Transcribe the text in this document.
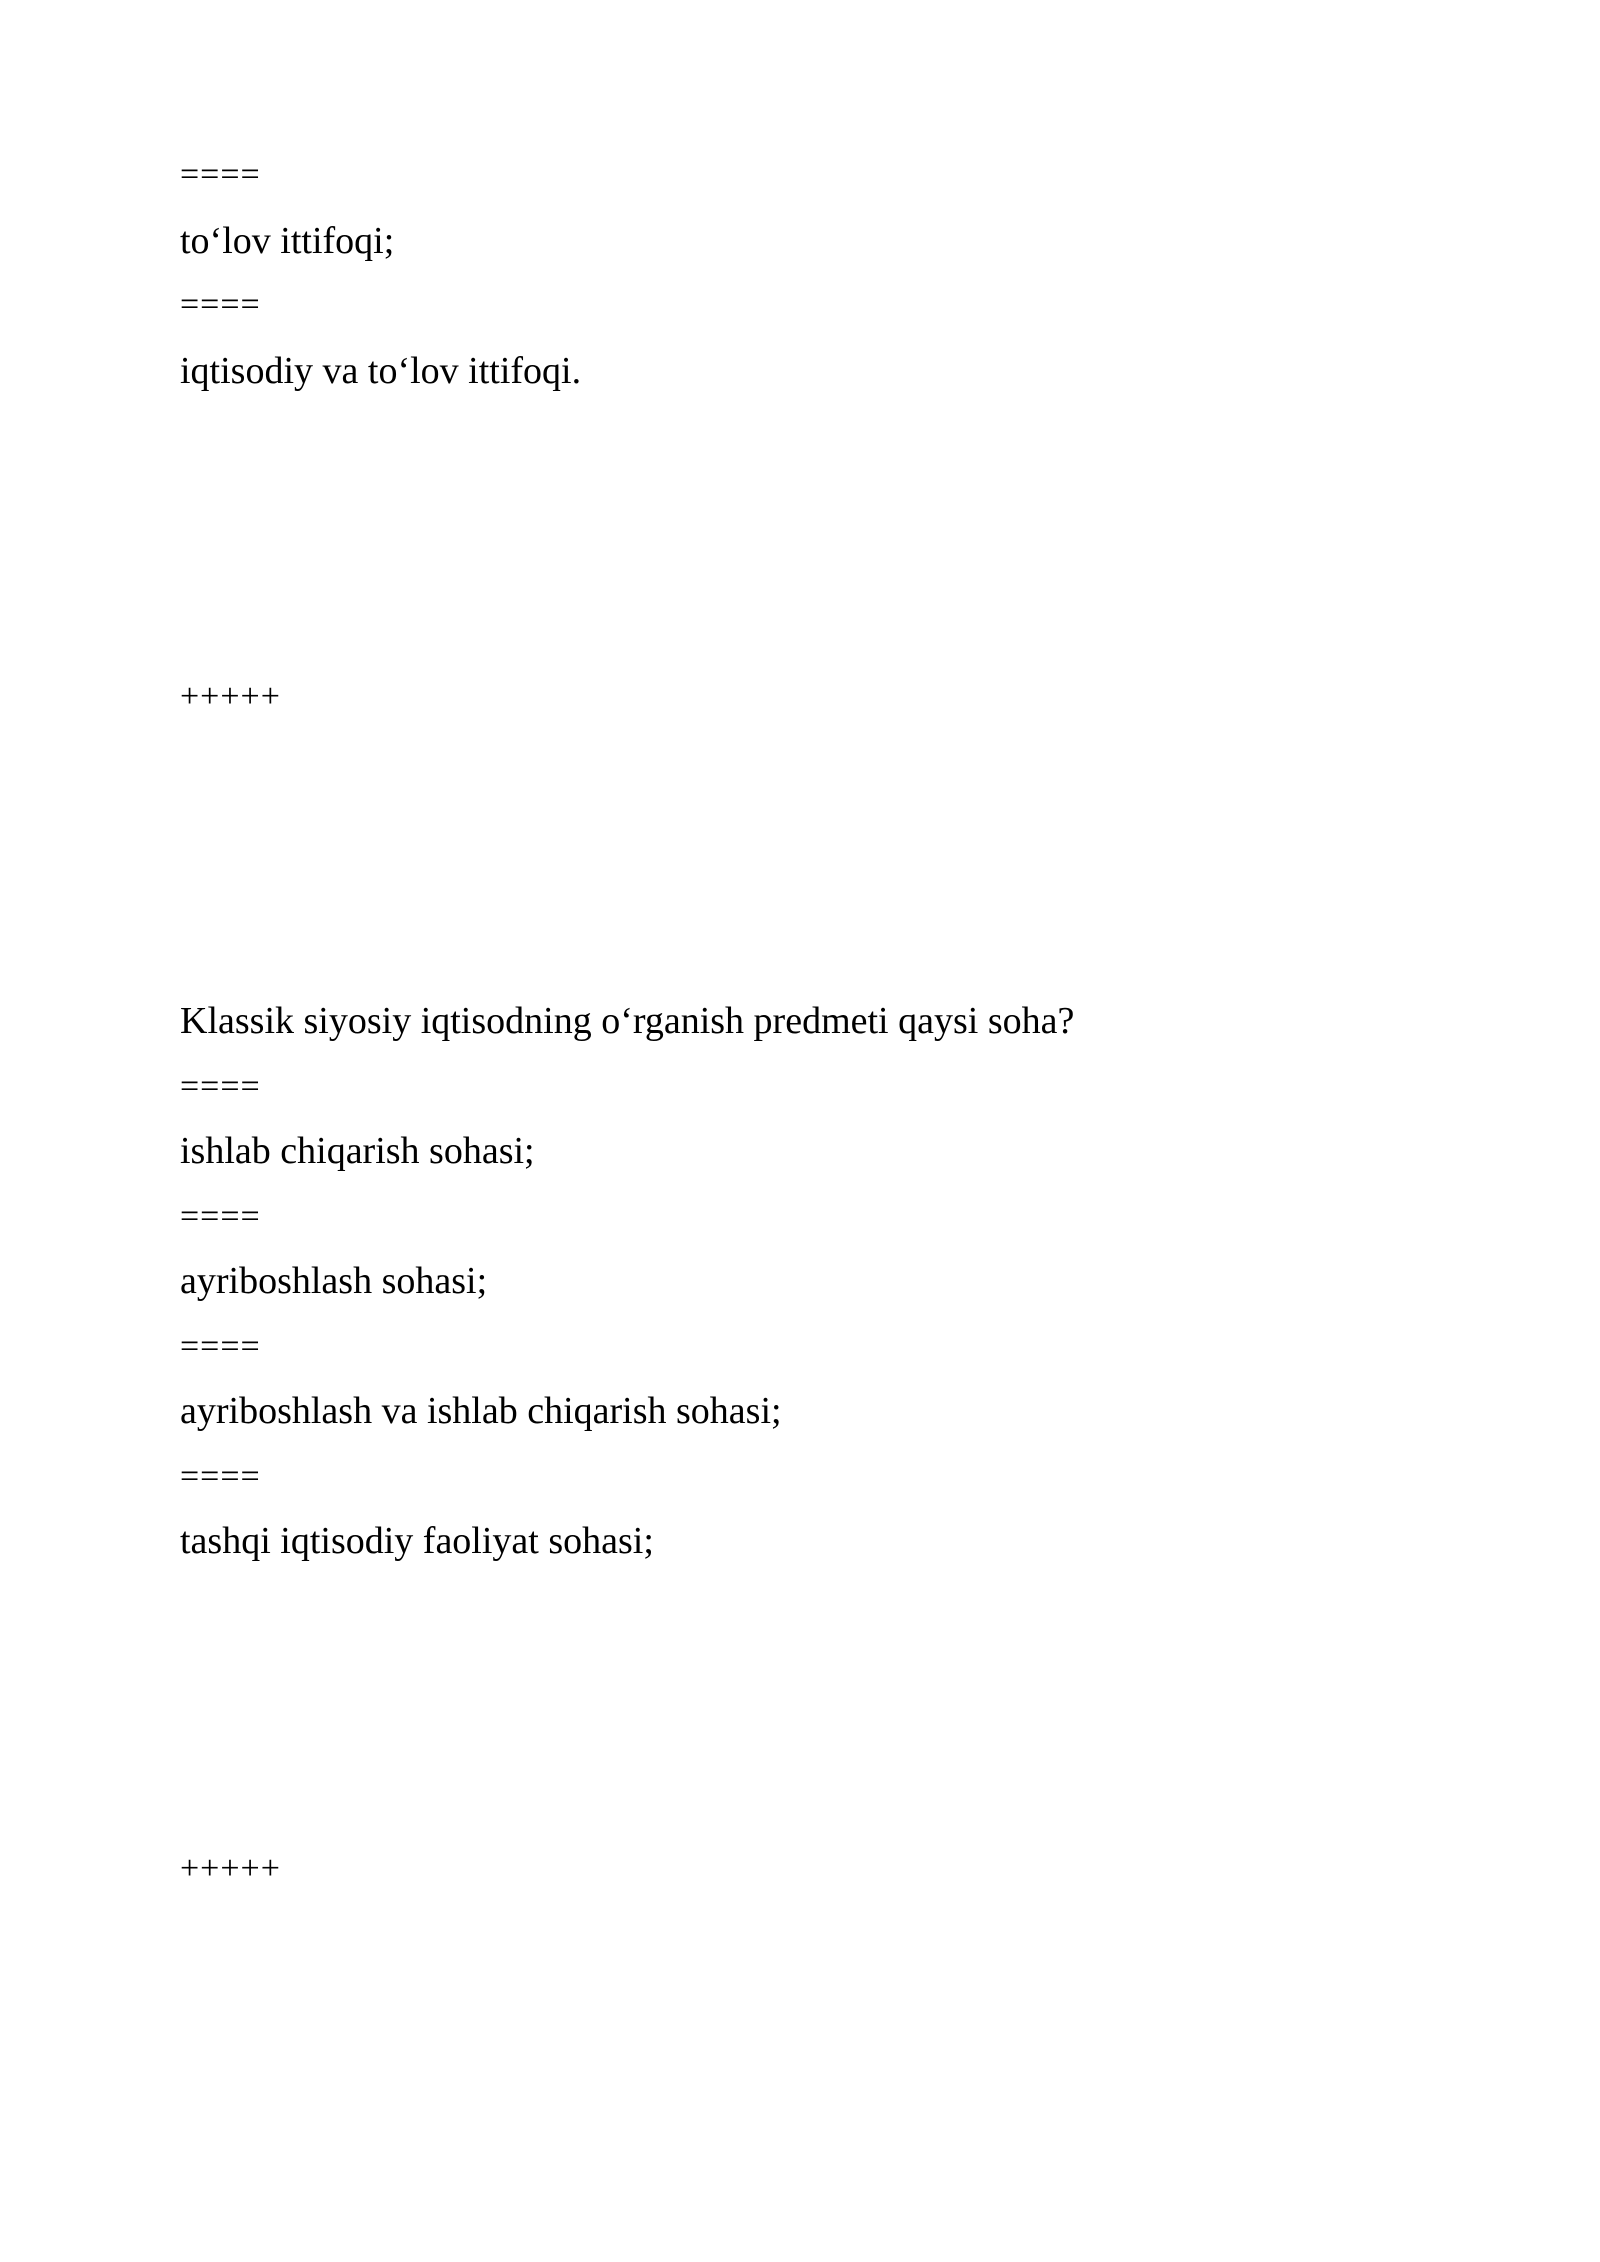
====
to‘lov ittifoqi;
====
iqtisodiy va to‘lov ittifoqi.
+++++
Klassik siyosiy iqtisodning o‘rganish predmeti qaysi soha?
====
ishlab chiqarish sohasi;
====
ayriboshlash sohasi;
====
ayriboshlash va ishlab chiqarish sohasi;
====
tashqi iqtisodiy faoliyat sohasi;
+++++
